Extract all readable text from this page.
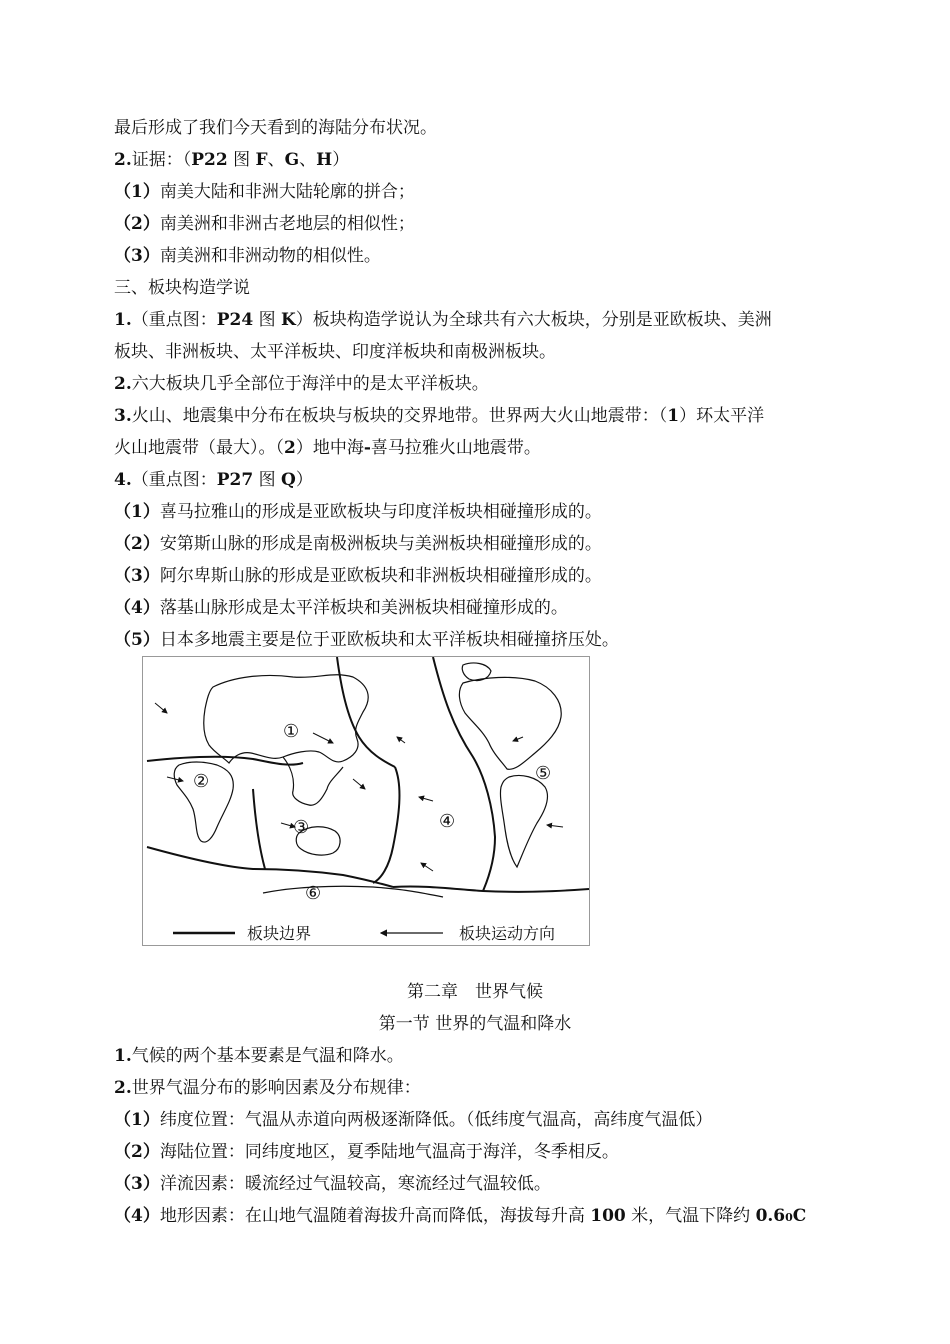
最后形成了我们今天看到的海陆分布状况。
2.证据：（P22 图 F、G、H）
（1）南美大陆和非洲大陆轮廓的拼合；
（2）南美洲和非洲古老地层的相似性；
（3）南美洲和非洲动物的相似性。
三、板块构造学说
1.（重点图：P24 图 K）板块构造学说认为全球共有六大板块，分别是亚欧板块、美洲
板块、非洲板块、太平洋板块、印度洋板块和南极洲板块。
2.六大板块几乎全部位于海洋中的是太平洋板块。
3.火山、地震集中分布在板块与板块的交界地带。世界两大火山地震带：（1）环太平洋
火山地震带（最大）。（2）地中海-喜马拉雅火山地震带。
4.（重点图：P27 图 Q）
（1）喜马拉雅山的形成是亚欧板块与印度洋板块相碰撞形成的。
（2）安第斯山脉的形成是南极洲板块与美洲板块相碰撞形成的。
（3）阿尔卑斯山脉的形成是亚欧板块和非洲板块相碰撞形成的。
（4）落基山脉形成是太平洋板块和美洲板块相碰撞形成的。
（5）日本多地震主要是位于亚欧板块和太平洋板块相碰撞挤压处。
①
②
③	④
⑤
⑥
板块边界	板块运动方向
第二章　世界气候
第一节 世界的气温和降水
1.气候的两个基本要素是气温和降水。
2.世界气温分布的影响因素及分布规律：
（1）纬度位置：气温从赤道向两极逐渐降低。（低纬度气温高，高纬度气温低）
（2）海陆位置：同纬度地区，夏季陆地气温高于海洋，冬季相反。
（3）洋流因素：暖流经过气温较高，寒流经过气温较低。
（4）地形因素：在山地气温随着海拔升高而降低，海拔每升高 100 米，气温下降约 0.60C
